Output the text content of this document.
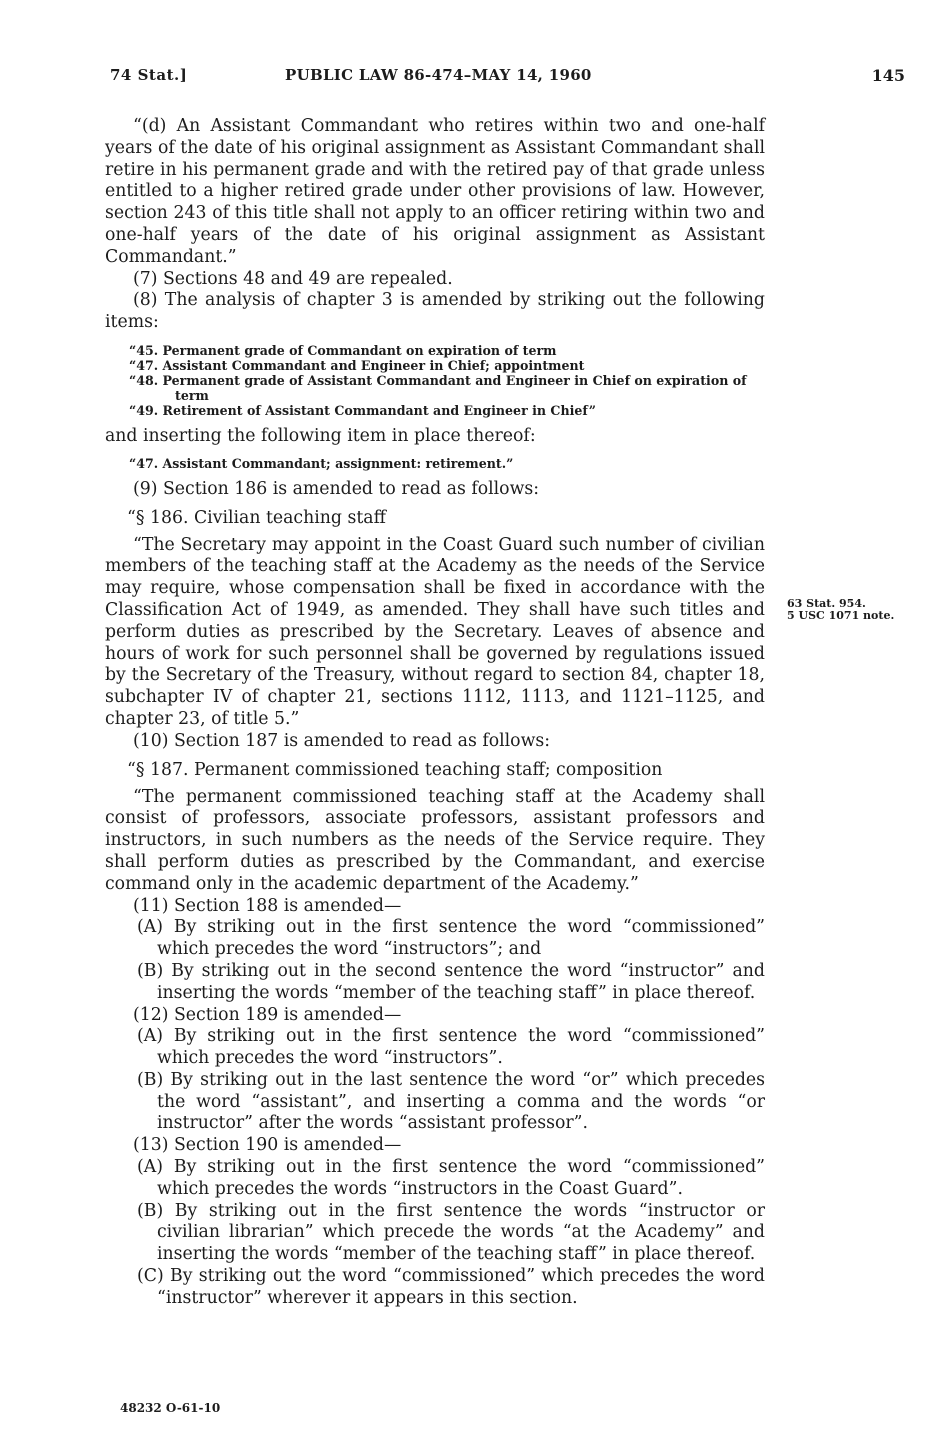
74 Stat.]	PUBLIC LAW 86-474–MAY 14, 1960	145

“(d) An Assistant Commandant who retires within two and one-half years of the date of his original assignment as Assistant Commandant shall retire in his permanent grade and with the retired pay of that grade unless entitled to a higher retired grade under other provisions of law. However, section 243 of this title shall not apply to an officer retiring within two and one-half years of the date of his original assignment as Assistant Commandant.”

(7) Sections 48 and 49 are repealed.

(8) The analysis of chapter 3 is amended by striking out the following items:

“45. Permanent grade of Commandant on expiration of term

“47. Assistant Commandant and Engineer in Chief; appointment

“48. Permanent grade of Assistant Commandant and Engineer in Chief on expiration of term

“49. Retirement of Assistant Commandant and Engineer in Chief”

and inserting the following item in place thereof:

“47. Assistant Commandant; assignment: retirement.”

(9) Section 186 is amended to read as follows:

“§ 186. Civilian teaching staff

“The Secretary may appoint in the Coast Guard such number of civilian members of the teaching staff at the Academy as the needs of the Service may require, whose compensation shall be fixed in accordance with the Classification Act of 1949, as amended. They shall have such titles and perform duties as prescribed by the Secretary. Leaves of absence and hours of work for such personnel shall be governed by regulations issued by the Secretary of the Treasury, without regard to section 84, chapter 18, subchapter IV of chapter 21, sections 1112, 1113, and 1121–1125, and chapter 23, of title 5.”

(10) Section 187 is amended to read as follows:

“§ 187. Permanent commissioned teaching staff; composition

“The permanent commissioned teaching staff at the Academy shall consist of professors, associate professors, assistant professors and instructors, in such numbers as the needs of the Service require. They shall perform duties as prescribed by the Commandant, and exercise command only in the academic department of the Academy.”

(11) Section 188 is amended—

(A) By striking out in the first sentence the word “commissioned” which precedes the word “instructors”; and

(B) By striking out in the second sentence the word “instructor” and inserting the words “member of the teaching staff” in place thereof.

(12) Section 189 is amended—

(A) By striking out in the first sentence the word “commissioned” which precedes the word “instructors”.

(B) By striking out in the last sentence the word “or” which precedes the word “assistant”, and inserting a comma and the words “or instructor” after the words “assistant professor”.

(13) Section 190 is amended—

(A) By striking out in the first sentence the word “commissioned” which precedes the words “instructors in the Coast Guard”.

(B) By striking out in the first sentence the words “instructor or civilian librarian” which precede the words “at the Academy” and inserting the words “member of the teaching staff” in place thereof.

(C) By striking out the word “commissioned” which precedes the word “instructor” wherever it appears in this section.

63 Stat. 954.
5 USC 1071 note.
48232 O-61-10
